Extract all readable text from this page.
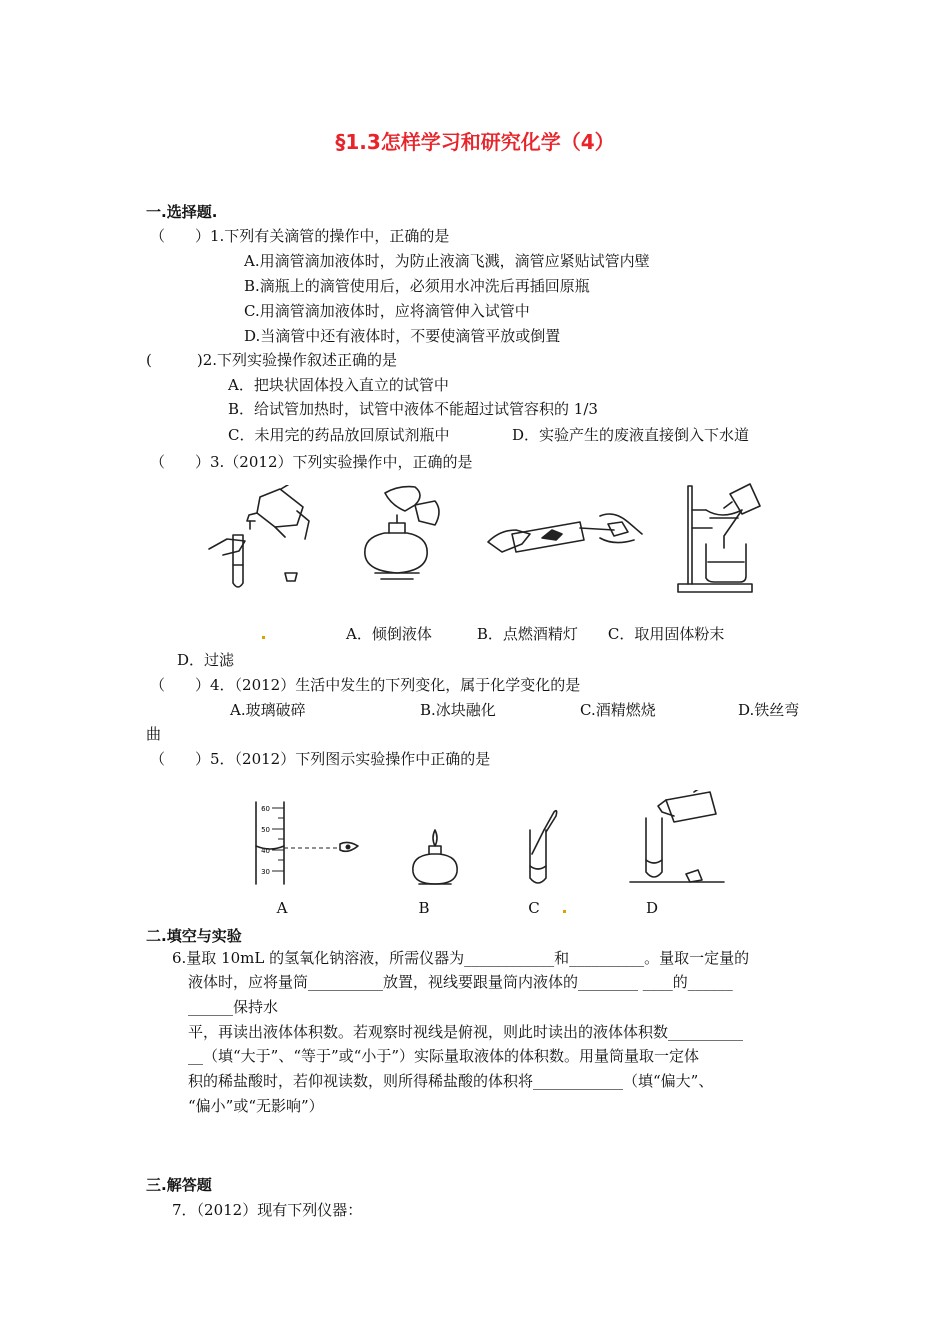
§1.3怎样学习和研究化学（4）
一.选择题.
（　　）1.下列有关滴管的操作中，正确的是
A.用滴管滴加液体时，为防止液滴飞溅，滴管应紧贴试管内壁
B.滴瓶上的滴管使用后，必须用水冲洗后再插回原瓶
C.用滴管滴加液体时，应将滴管伸入试管中
D.当滴管中还有液体时，不要使滴管平放或倒置
(　　　)2.下列实验操作叙述正确的是
A．把块状固体投入直立的试管中
B．给试管加热时，试管中液体不能超过试管容积的 1/3
C．未用完的药品放回原试剂瓶中	D．实验产生的废液直接倒入下水道
（　　）3.（2012）下列实验操作中，正确的是
A．倾倒液体　　　B．点燃酒精灯　　C．取用固体粉末
D．过滤
（　　）4．（2012）生活中发生的下列变化，属于化学变化的是
A.玻璃破碎	B.冰块融化	C.酒精燃烧	D.铁丝弯
曲
（　　）5．（2012）下列图示实验操作中正确的是
60
50
40
30
A	B	C	D
二.填空与实验
6.量取 10mL 的氢氧化钠溶液，所需仪器为____________和__________。量取一定量的
液体时，应将量筒__________放置，视线要跟量筒内液体的________ ____的______
______保持水
平，再读出液体体积数。若观察时视线是俯视，则此时读出的液体体积数__________
__（填“大于”、“等于”或“小于”）实际量取液体的体积数。用量筒量取一定体
积的稀盐酸时，若仰视读数，则所得稀盐酸的体积将____________（填“偏大”、
“偏小”或“无影响”）
三.解答题
7．（2012）现有下列仪器：
